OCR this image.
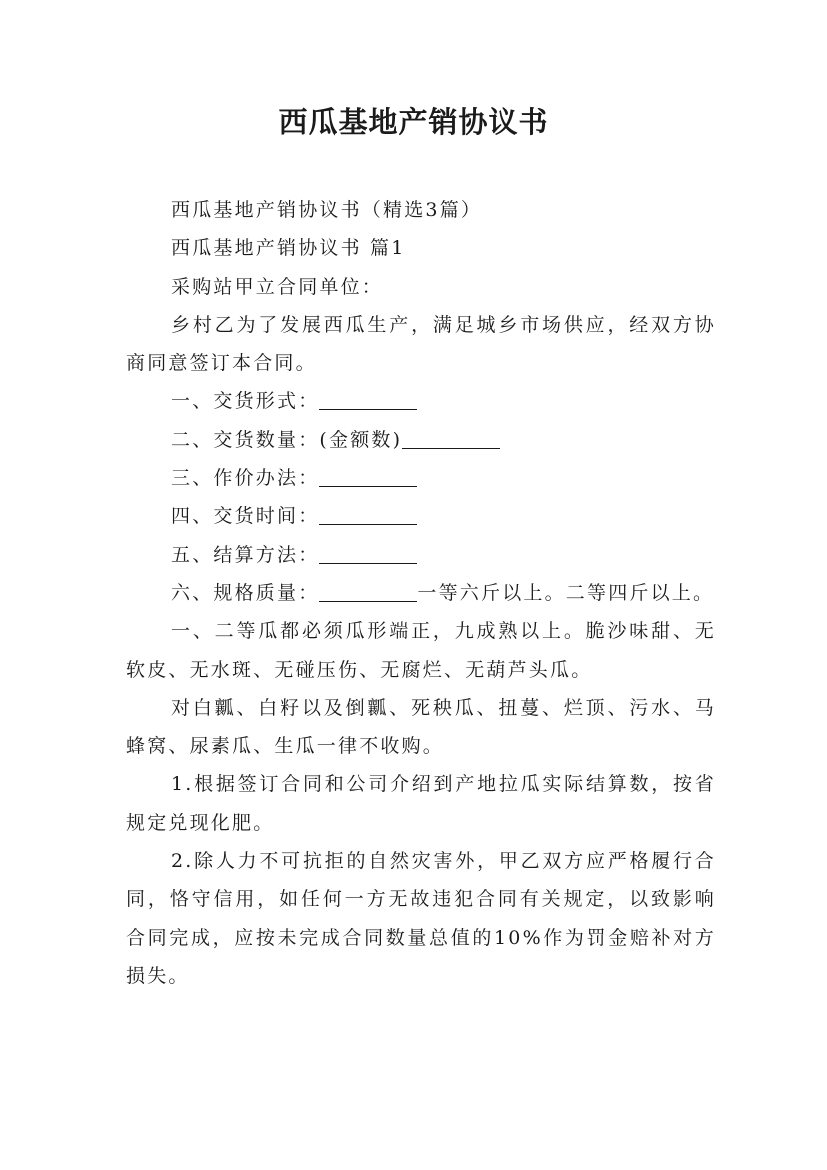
西瓜基地产销协议书

西瓜基地产销协议书（精选3篇）

西瓜基地产销协议书 篇1

采购站甲立合同单位：

乡村乙为了发展西瓜生产，满足城乡市场供应，经双方协商同意签订本合同。

一、交货形式：

二、交货数量：(金额数)

三、作价办法：

四、交货时间：

五、结算方法：

六、规格质量：	一等六斤以上。二等四斤以上。

一、二等瓜都必须瓜形端正，九成熟以上。脆沙味甜、无软皮、无水斑、无碰压伤、无腐烂、无葫芦头瓜。

对白瓤、白籽以及倒瓤、死秧瓜、扭蔓、烂顶、污水、马蜂窝、尿素瓜、生瓜一律不收购。

1.根据签订合同和公司介绍到产地拉瓜实际结算数，按省规定兑现化肥。

2.除人力不可抗拒的自然灾害外，甲乙双方应严格履行合同，恪守信用，如任何一方无故违犯合同有关规定，以致影响合同完成，应按未完成合同数量总值的10%作为罚金赔补对方损失。
